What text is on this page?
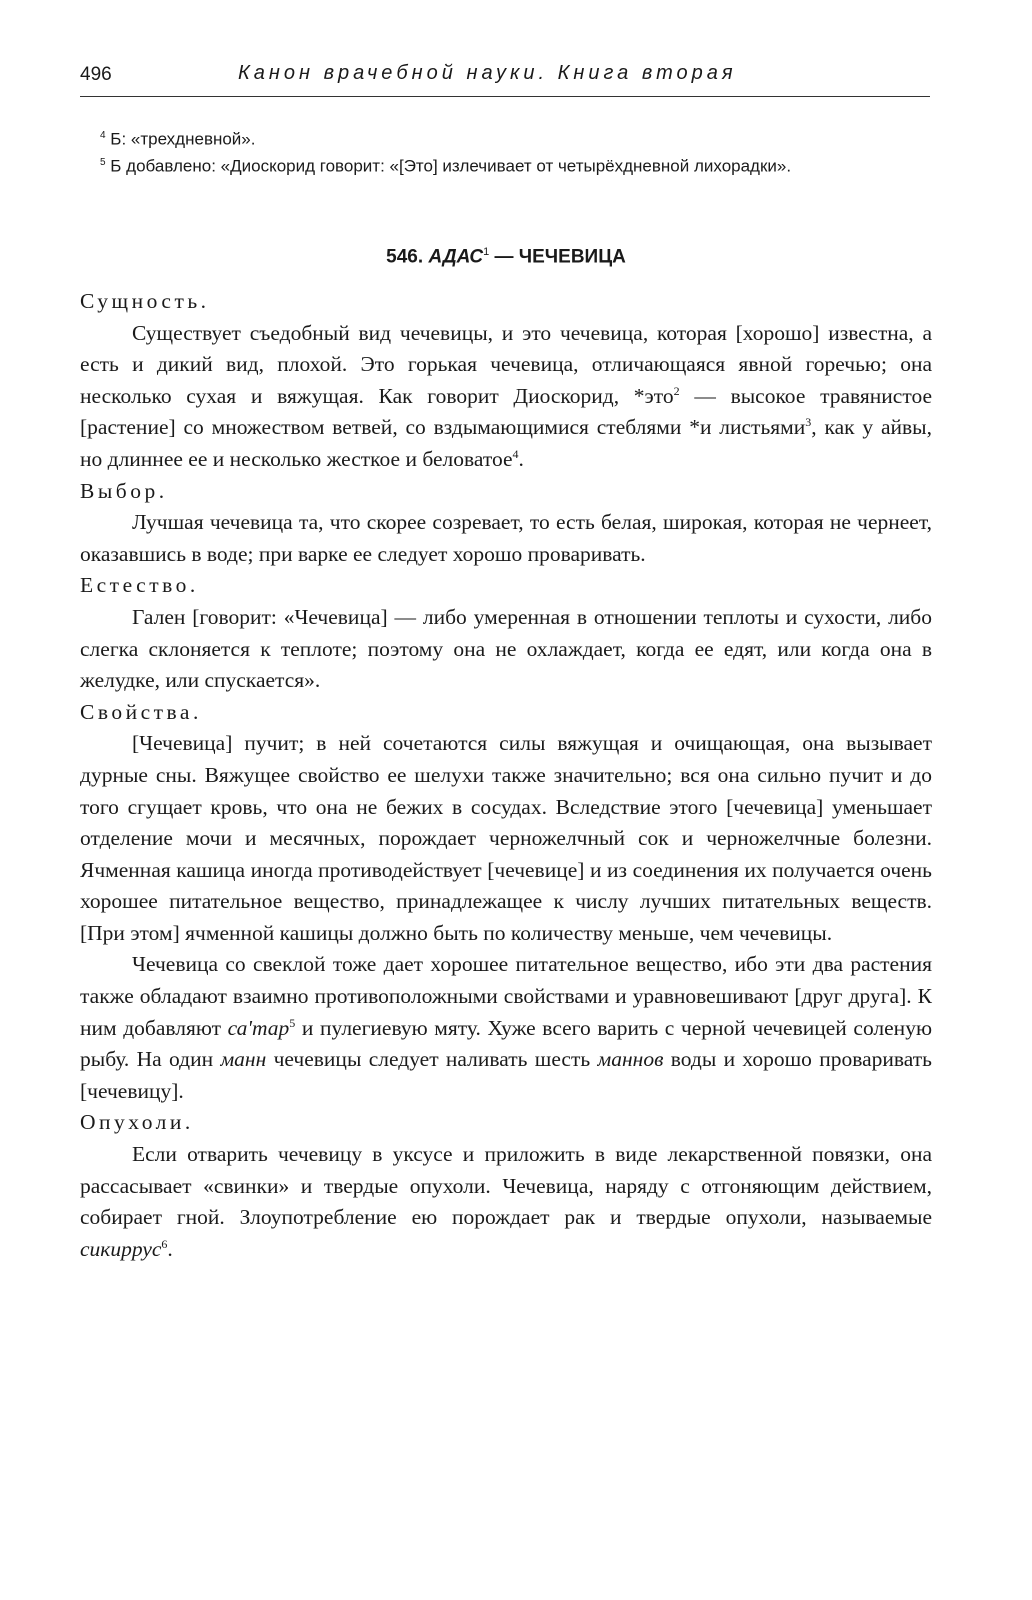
496	Канон врачебной науки. Книга вторая

$^4$ Б: «трехдневной».

$^5$ Б добавлено: «Диоскорид говорит: «[Это] излечивает от четырёхдневной лихорадки».

546. АДАС$^1$ — ЧЕЧЕВИЦА

Сущность.

Существует съедобный вид чечевицы, и это чечевица, которая [хорошо] известна, а есть и дикий вид, плохой. Это горькая чечевица, отличающаяся явной горечью; она несколько сухая и вяжущая. Как говорит Диоскорид, *это$^2$ — высокое травянистое [растение] со множеством ветвей, со вздымающимися стеблями *и листьями$^3$, как у айвы, но длиннее ее и несколько жесткое и беловатое$^4$.

Выбор.

Лучшая чечевица та, что скорее созревает, то есть белая, широкая, которая не чернеет, оказавшись в воде; при варке ее следует хорошо проваривать.

Естество.

Гален [говорит: «Чечевица] — либо умеренная в отношении теплоты и сухости, либо слегка склоняется к теплоте; поэтому она не охлаждает, когда ее едят, или когда она в желудке, или спускается».

Свойства.

[Чечевица] пучит; в ней сочетаются силы вяжущая и очищающая, она вызывает дурные сны. Вяжущее свойство ее шелухи также значительно; вся она сильно пучит и до того сгущает кровь, что она не бежих в сосудах. Вследствие этого [чечевица] уменьшает отделение мочи и месячных, порождает черножелчный сок и черножелчные болезни. Ячменная кашица иногда противодействует [чечевице] и из соединения их получается очень хорошее питательное вещество, принадлежащее к числу лучших питательных веществ. [При этом] ячменной кашицы должно быть по количеству меньше, чем чечевицы.

Чечевица со свеклой тоже дает хорошее питательное вещество, ибо эти два растения также обладают взаимно противоположными свойствами и уравновешивают [друг друга]. К ним добавляют са'тар$^5$ и пулегиевую мяту. Хуже всего варить с черной чечевицей соленую рыбу. На один манн чечевицы следует наливать шесть маннов воды и хорошо проваривать [чечевицу].

Опухоли.

Если отварить чечевицу в уксусе и приложить в виде лекарственной повязки, она рассасывает «свинки» и твердые опухоли. Чечевица, наряду с отгоняющим действием, собирает гной. Злоупотребление ею порождает рак и твердые опухоли, называемые сикиррус$^6$.
